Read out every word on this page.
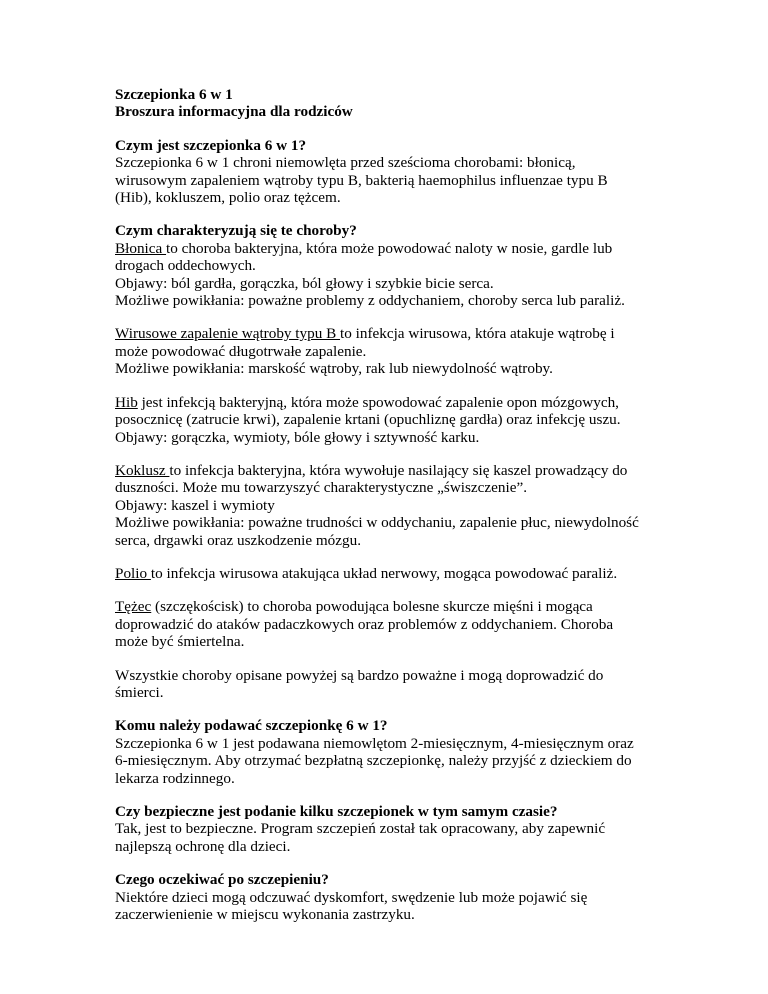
Szczepionka 6 w 1
Broszura informacyjna dla rodziców
Czym jest szczepionka 6 w 1?
Szczepionka 6 w 1 chroni niemowlęta przed sześcioma chorobami: błonicą,
wirusowym zapaleniem wątroby typu B, bakterią haemophilus influenzae typu B
(Hib), kokluszem, polio oraz tężcem.
Czym charakteryzują się te choroby?
Błonica to choroba bakteryjna, która może powodować naloty w nosie, gardle lub
drogach oddechowych.
Objawy: ból gardła, gorączka, ból głowy i szybkie bicie serca.
Możliwe powikłania: poważne problemy z oddychaniem, choroby serca lub paraliż.
Wirusowe zapalenie wątroby typu B to infekcja wirusowa, która atakuje wątrobę i
może powodować długotrwałe zapalenie.
Możliwe powikłania: marskość wątroby, rak lub niewydolność wątroby.
Hib jest infekcją bakteryjną, która może spowodować zapalenie opon mózgowych,
posocznicę (zatrucie krwi), zapalenie krtani (opuchliznę gardła) oraz infekcję uszu.
Objawy: gorączka, wymioty, bóle głowy i sztywność karku.
Koklusz to infekcja bakteryjna, która wywołuje nasilający się kaszel prowadzący do
duszności. Może mu towarzyszyć charakterystyczne „świszczenie”.
Objawy: kaszel i wymioty
Możliwe powikłania: poważne trudności w oddychaniu, zapalenie płuc, niewydolność
serca, drgawki oraz uszkodzenie mózgu.
Polio to infekcja wirusowa atakująca układ nerwowy, mogąca powodować paraliż.
Tężec (szczękościsk) to choroba powodująca bolesne skurcze mięśni i mogąca
doprowadzić do ataków padaczkowych oraz problemów z oddychaniem. Choroba
może być śmiertelna.
Wszystkie choroby opisane powyżej są bardzo poważne i mogą doprowadzić do
śmierci.
Komu należy podawać szczepionkę 6 w 1?
Szczepionka 6 w 1 jest podawana niemowlętom 2-miesięcznym, 4-miesięcznym oraz
6-miesięcznym. Aby otrzymać bezpłatną szczepionkę, należy przyjść z dzieckiem do
lekarza rodzinnego.
Czy bezpieczne jest podanie kilku szczepionek w tym samym czasie?
Tak, jest to bezpieczne. Program szczepień został tak opracowany, aby zapewnić
najlepszą ochronę dla dzieci.
Czego oczekiwać po szczepieniu?
Niektóre dzieci mogą odczuwać dyskomfort, swędzenie lub może pojawić się
zaczerwienienie w miejscu wykonania zastrzyku.
